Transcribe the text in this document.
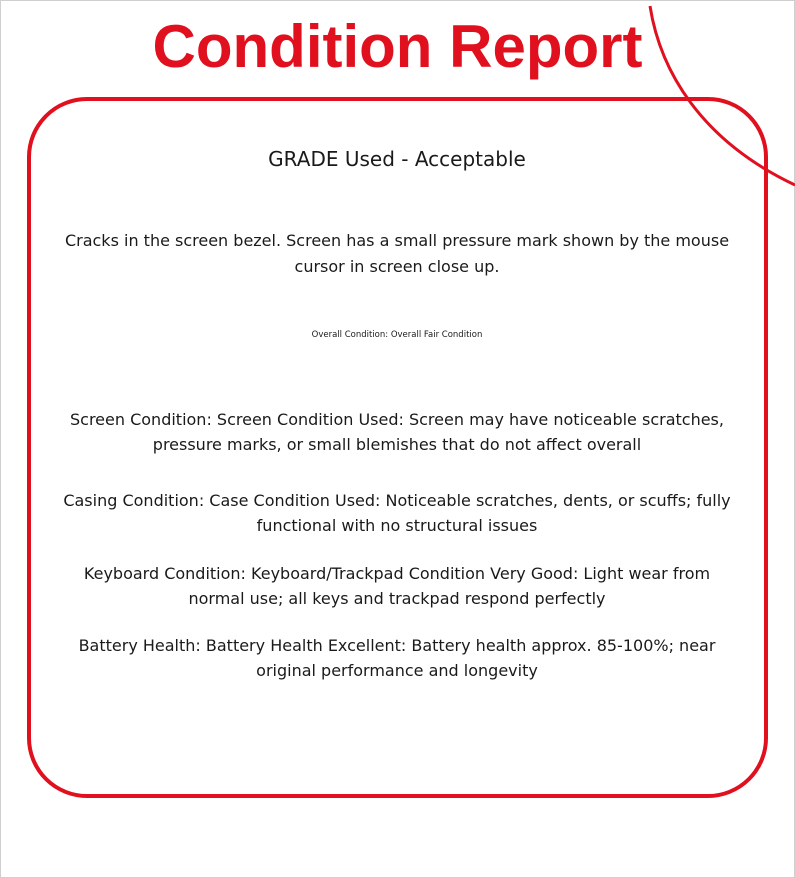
Condition Report
GRADE Used - Acceptable
Cracks in the screen bezel. Screen has a small pressure mark shown by the mouse cursor in screen close up.
Overall Condition: Overall Fair Condition
Screen Condition: Screen Condition Used: Screen may have noticeable scratches, pressure marks, or small blemishes that do not affect overall
Casing Condition: Case Condition Used: Noticeable scratches, dents, or scuffs; fully functional with no structural issues
Keyboard Condition: Keyboard/Trackpad Condition Very Good: Light wear from normal use; all keys and trackpad respond perfectly
Battery Health: Battery Health Excellent: Battery health approx. 85-100%; near original performance and longevity
